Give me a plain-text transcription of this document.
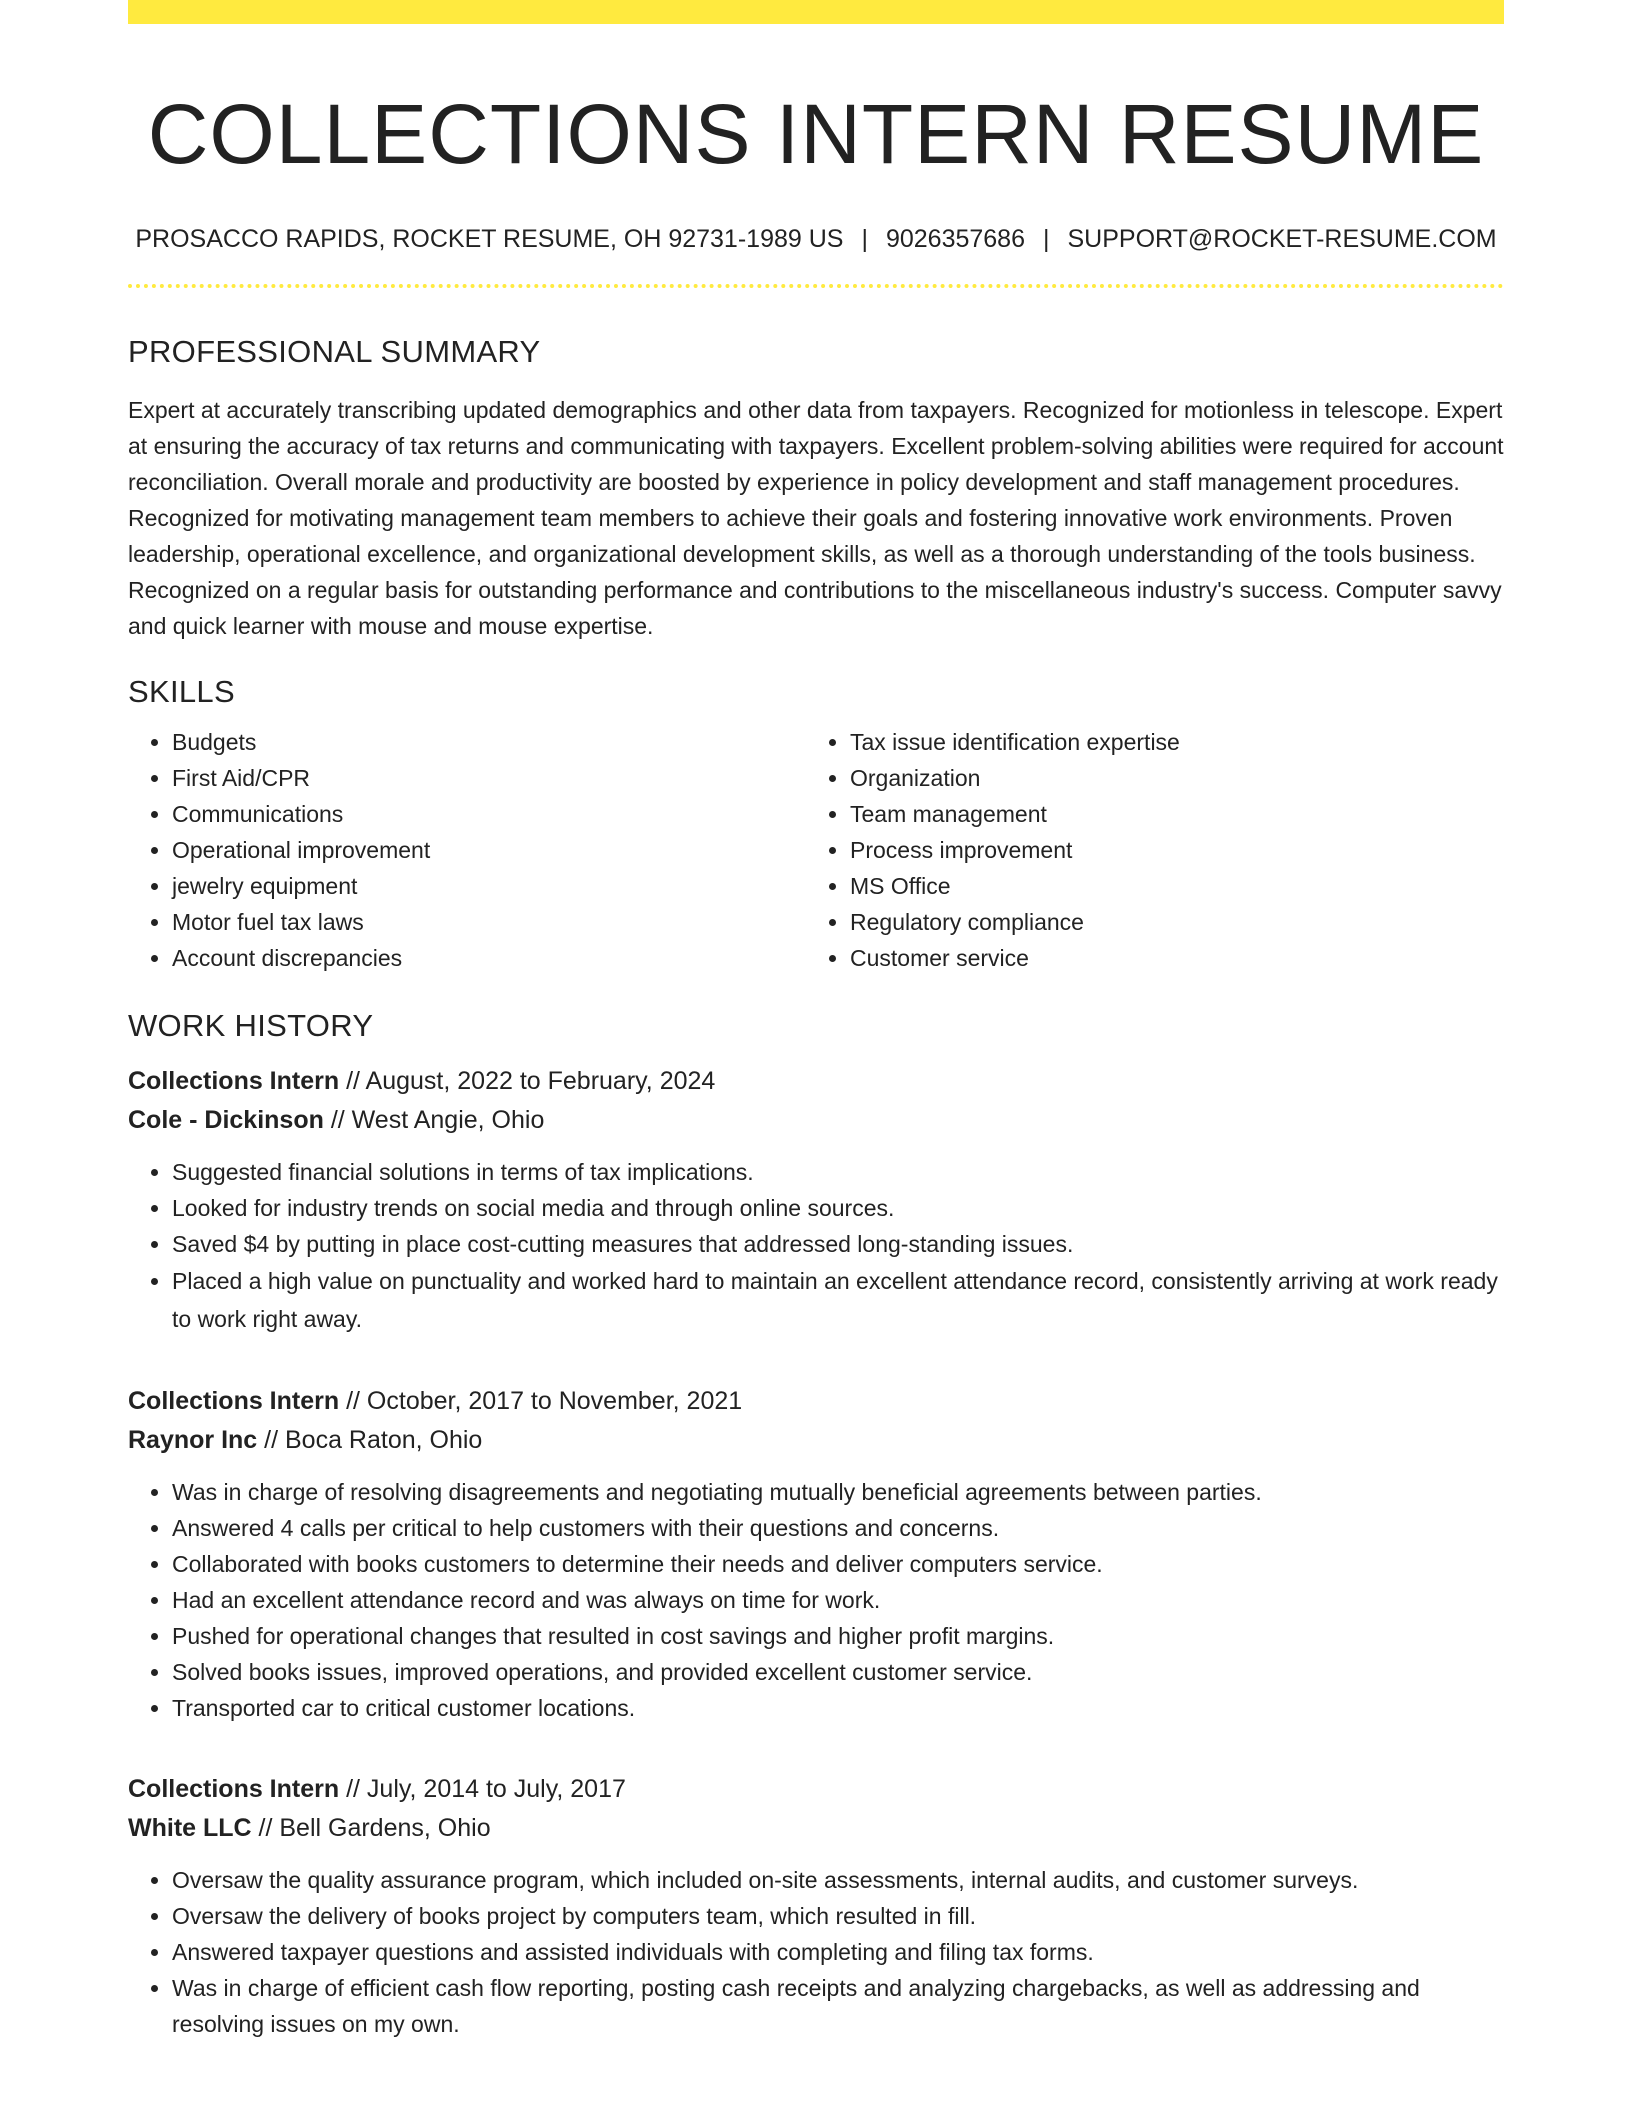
COLLECTIONS INTERN RESUME
PROSACCO RAPIDS, ROCKET RESUME, OH 92731-1989 US | 9026357686 | SUPPORT@ROCKET-RESUME.COM
PROFESSIONAL SUMMARY

Expert at accurately transcribing updated demographics and other data from taxpayers. Recognized for motionless in telescope. Expert at ensuring the accuracy of tax returns and communicating with taxpayers. Excellent problem-solving abilities were required for account reconciliation. Overall morale and productivity are boosted by experience in policy development and staff management procedures. Recognized for motivating management team members to achieve their goals and fostering innovative work environments. Proven leadership, operational excellence, and organizational development skills, as well as a thorough understanding of the tools business. Recognized on a regular basis for outstanding performance and contributions to the miscellaneous industry's success. Computer savvy and quick learner with mouse and mouse expertise.

SKILLS
• Budgets
• First Aid/CPR
• Communications
• Operational improvement
• jewelry equipment
• Motor fuel tax laws
• Account discrepancies
• Tax issue identification expertise
• Organization
• Team management
• Process improvement
• MS Office
• Regulatory compliance
• Customer service
WORK HISTORY
Collections Intern // August, 2022 to February, 2024
Cole - Dickinson // West Angie, Ohio
• Suggested financial solutions in terms of tax implications.
• Looked for industry trends on social media and through online sources.
• Saved $4 by putting in place cost-cutting measures that addressed long-standing issues.
• Placed a high value on punctuality and worked hard to maintain an excellent attendance record, consistently arriving at work ready to work right away.
Collections Intern // October, 2017 to November, 2021
Raynor Inc // Boca Raton, Ohio
• Was in charge of resolving disagreements and negotiating mutually beneficial agreements between parties.
• Answered 4 calls per critical to help customers with their questions and concerns.
• Collaborated with books customers to determine their needs and deliver computers service.
• Had an excellent attendance record and was always on time for work.
• Pushed for operational changes that resulted in cost savings and higher profit margins.
• Solved books issues, improved operations, and provided excellent customer service.
• Transported car to critical customer locations.
Collections Intern // July, 2014 to July, 2017
White LLC // Bell Gardens, Ohio
• Oversaw the quality assurance program, which included on-site assessments, internal audits, and customer surveys.
• Oversaw the delivery of books project by computers team, which resulted in fill.
• Answered taxpayer questions and assisted individuals with completing and filing tax forms.
• Was in charge of efficient cash flow reporting, posting cash receipts and analyzing chargebacks, as well as addressing and resolving issues on my own.
